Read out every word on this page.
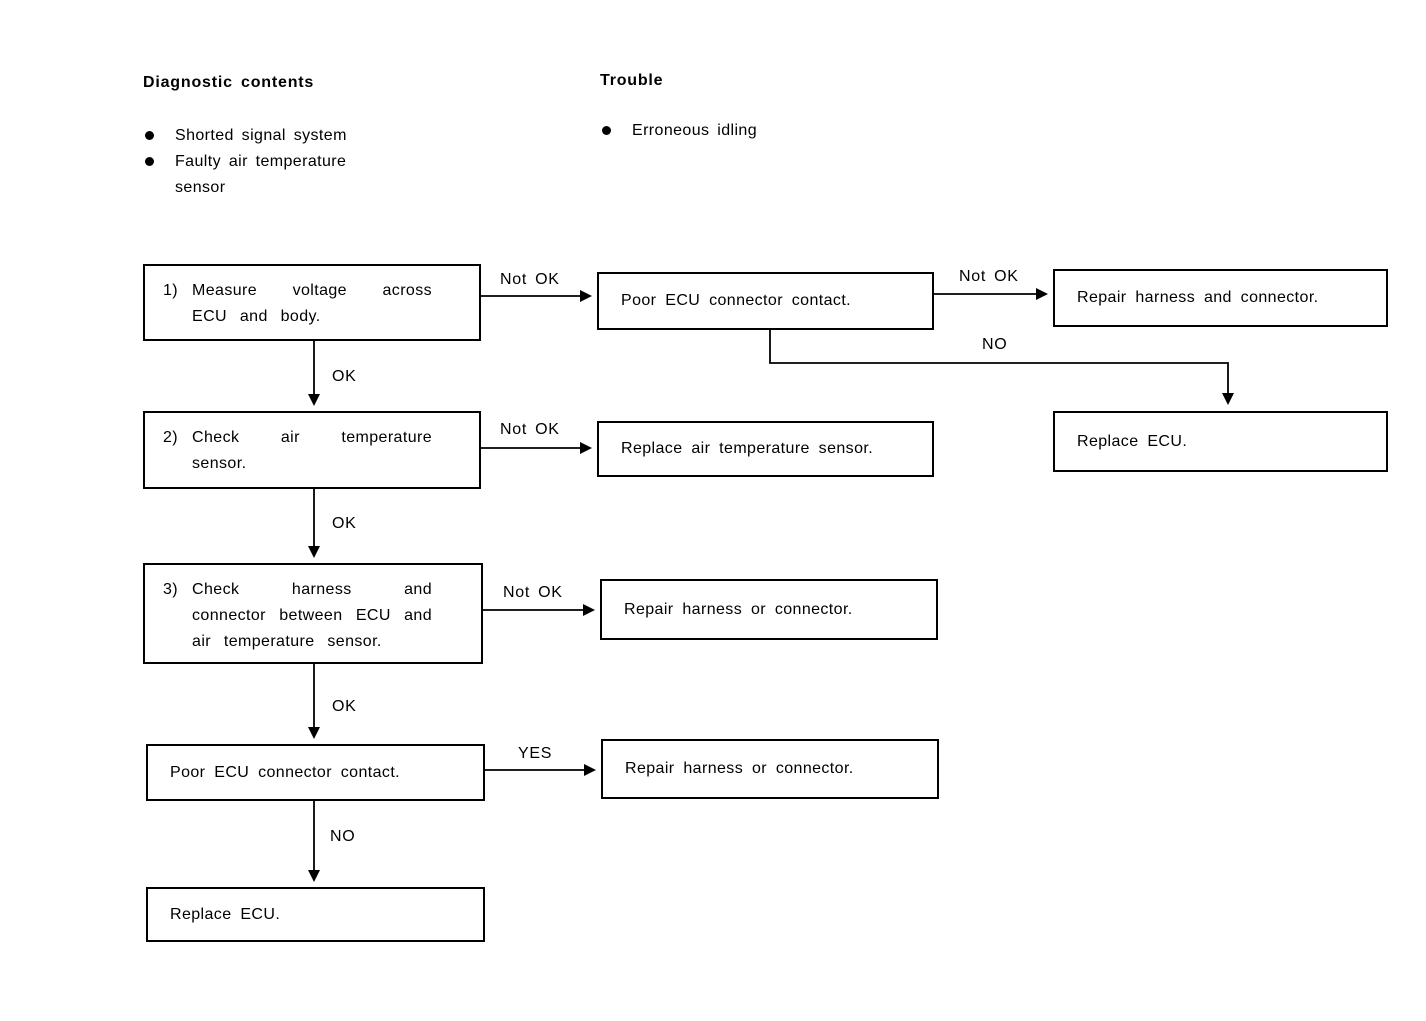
Diagnostic contents
Shorted signal system
Faulty air temperature sensor
Trouble
Erroneous idling
1) Measure voltage across ECU and body.
Poor ECU connector contact.	Repair harness and connector.
Replace ECU.
2) Check air temperature sensor.
Replace air temperature sensor.
3) Check harness and connector between ECU and air temperature sensor.
Repair harness or connector.
Poor ECU connector contact.	Repair harness or connector.
Replace ECU.
Not OK	Not OK
NO
OK
Not OK
OK
Not OK
OK
YES
NO
